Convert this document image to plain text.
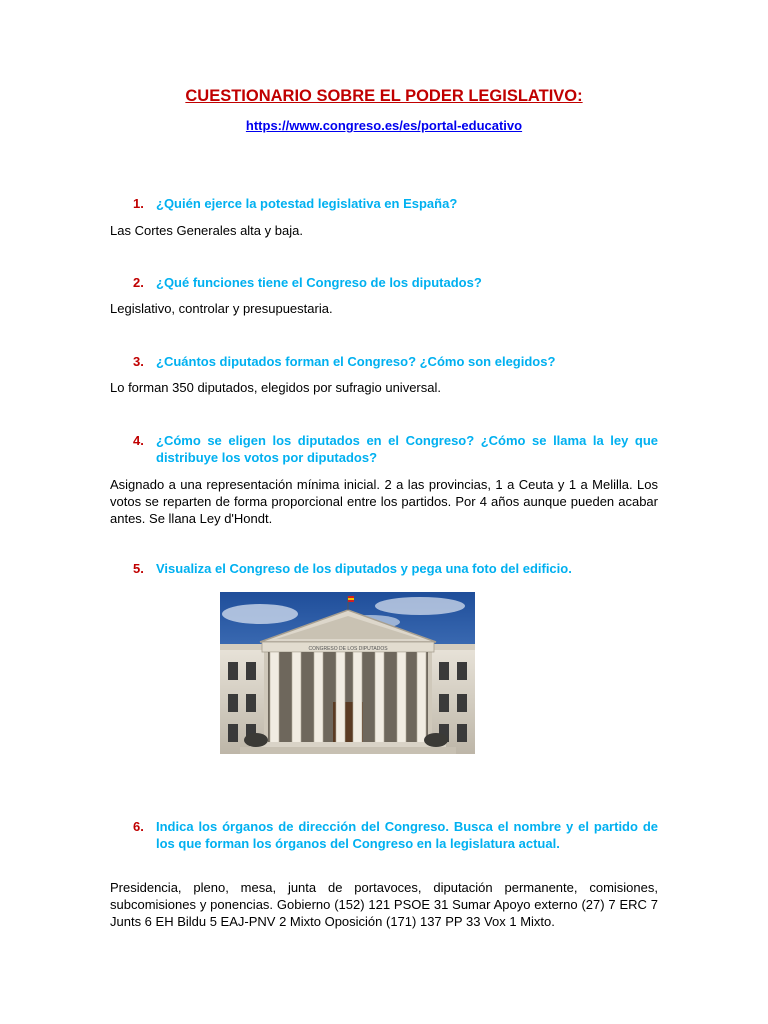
CUESTIONARIO SOBRE EL PODER LEGISLATIVO:
https://www.congreso.es/es/portal-educativo
1. ¿Quién ejerce la potestad legislativa en España?
Las Cortes Generales alta y baja.
2. ¿Qué funciones tiene el Congreso de los diputados?
Legislativo, controlar y presupuestaria.
3. ¿Cuántos diputados forman el Congreso? ¿Cómo son elegidos?
Lo forman 350 diputados, elegidos por sufragio universal.
4. ¿Cómo se eligen los diputados en el Congreso? ¿Cómo se llama la ley que distribuye los votos por diputados?
Asignado a una representación mínima inicial. 2 a las provincias, 1 a Ceuta y 1 a Melilla. Los votos se reparten de forma proporcional entre los partidos. Por 4 años aunque pueden acabar antes. Se llana Ley d'Hondt.
5. Visualiza el Congreso de los diputados y pega una foto del edificio.
CONGRESO DE LOS DIPUTADOS
6. Indica los órganos de dirección del Congreso. Busca el nombre y el partido de los que forman los órganos del Congreso en la legislatura actual.
Presidencia, pleno, mesa, junta de portavoces, diputación permanente, comisiones, subcomisiones y ponencias. Gobierno (152) 121 PSOE 31 Sumar Apoyo externo (27) 7 ERC 7 Junts 6 EH Bildu 5 EAJ-PNV 2 Mixto Oposición (171) 137 PP 33 Vox 1 Mixto.
